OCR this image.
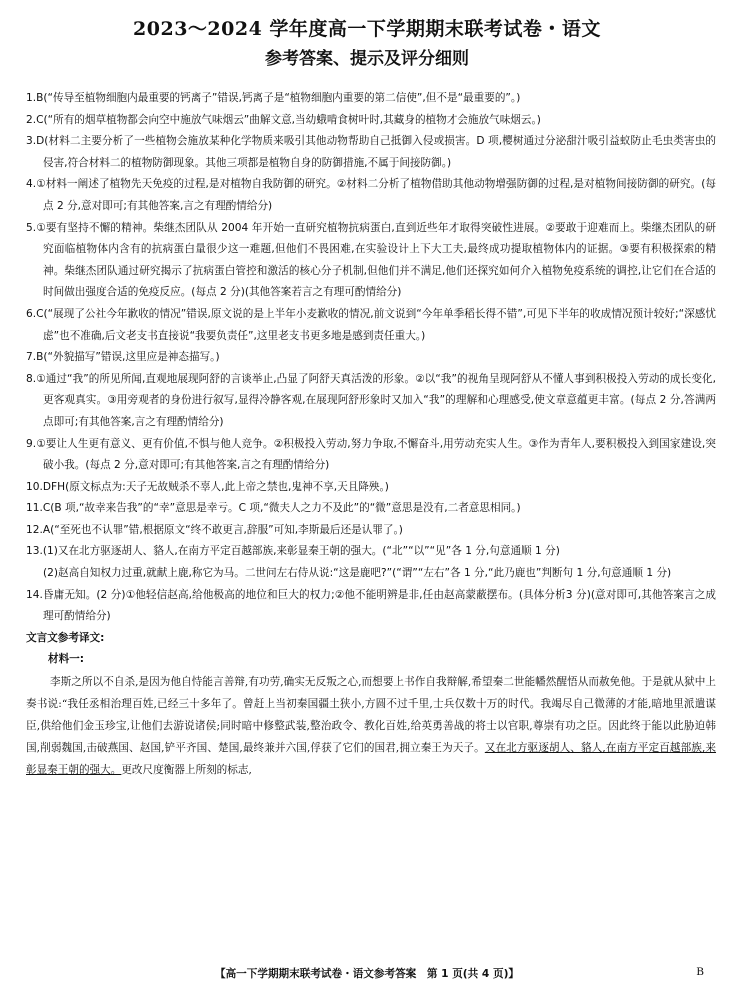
2023～2024 学年度高一下学期期末联考试卷・语文
参考答案、提示及评分细则

1.B(“传导至植物细胞内最重要的钙离子”错误,钙离子是“植物细胞内重要的第二信使”,但不是“最重要的”。)

2.C(“所有的烟草植物都会向空中施放气味烟云”曲解文意,当幼蛾啃食树叶时,其藏身的植物才会施放气味烟云。)

3.D(材料二主要分析了一些植物会施放某种化学物质来吸引其他动物帮助自己抵御入侵或损害。D 项,樱树通过分泌甜汁吸引益蚁防止毛虫类害虫的侵害,符合材料二的植物防御现象。其他三项都是植物自身的防御措施,不属于间接防御。)

4.①材料一阐述了植物先天免疫的过程,是对植物自我防御的研究。②材料二分析了植物借助其他动物增强防御的过程,是对植物间接防御的研究。(每点 2 分,意对即可;有其他答案,言之有理酌情给分)

5.①要有坚持不懈的精神。柴继杰团队从 2004 年开始一直研究植物抗病蛋白,直到近些年才取得突破性进展。②要敢于迎难而上。柴继杰团队的研究面临植物体内含有的抗病蛋白量很少这一难题,但他们不畏困难,在实验设计上下大工夫,最终成功提取植物体内的证据。③要有积极探索的精神。柴继杰团队通过研究揭示了抗病蛋白管控和激活的核心分子机制,但他们并不满足,他们还探究如何介入植物免疫系统的调控,让它们在合适的时间做出强度合适的免疫反应。(每点 2 分)(其他答案若言之有理可酌情给分)

6.C(“展现了公社今年歉收的情况”错误,原文说的是上半年小麦歉收的情况,前文说到“今年单季稻长得不错”,可见下半年的收成情况预计较好;“深感忧虑”也不准确,后文老支书直接说“我要负责任”,这里老支书更多地是感到责任重大。)

7.B(“外貌描写”错误,这里应是神态描写。)

8.①通过“我”的所见所闻,直观地展现阿舒的言谈举止,凸显了阿舒天真活泼的形象。②以“我”的视角呈现阿舒从不懂人事到积极投入劳动的成长变化,更客观真实。③用旁观者的身份进行叙写,显得冷静客观,在展现阿舒形象时又加入“我”的理解和心理感受,使文章意蕴更丰富。(每点 2 分,答满两点即可;有其他答案,言之有理酌情给分)

9.①要让人生更有意义、更有价值,不惧与他人竞争。②积极投入劳动,努力争取,不懈奋斗,用劳动充实人生。③作为青年人,要积极投入到国家建设,突破小我。(每点 2 分,意对即可;有其他答案,言之有理酌情给分)

10.DFH(原文标点为:天子无故贼杀不辜人,此上帝之禁也,鬼神不享,天且降殃。)

11.C(B 项,“故幸来告我”的“幸”意思是幸亏。C 项,“微夫人之力不及此”的“微”意思是没有,二者意思相同。)

12.A(“至死也不认罪”错,根据原文“终不敢更言,辞服”可知,李斯最后还是认罪了。)

13.(1)又在北方驱逐胡人、貉人,在南方平定百越部族,来彰显秦王朝的强大。(“北”“以”“见”各 1 分,句意通顺 1 分)

(2)赵高自知权力过重,就献上鹿,称它为马。二世问左右侍从说:“这是鹿吧?”(“谓”“左右”各 1 分,“此乃鹿也”判断句 1 分,句意通顺 1 分)

14.昏庸无知。(2 分)①他轻信赵高,给他极高的地位和巨大的权力;②他不能明辨是非,任由赵高蒙蔽摆布。(具体分析3 分)(意对即可,其他答案言之成理可酌情给分)

文言文参考译文:

材料一:

李斯之所以不自杀,是因为他自恃能言善辩,有功劳,确实无反叛之心,而想要上书作自我辩解,希望秦二世能幡然醒悟从而赦免他。于是就从狱中上奏书说:“我任丞相治理百姓,已经三十多年了。曾赶上当初秦国疆土狭小,方圆不过千里,士兵仅数十万的时代。我竭尽自己微薄的才能,暗地里派遣谋臣,供给他们金玉珍宝,让他们去游说诸侯;同时暗中修整武装,整治政令、教化百姓,给英勇善战的将士以官职,尊崇有功之臣。因此终于能以此胁迫韩国,削弱魏国,击破燕国、赵国,铲平齐国、楚国,最终兼并六国,俘获了它们的国君,拥立秦王为天子。又在北方驱逐胡人、貉人,在南方平定百越部族,来彰显秦王朝的强大。更改尺度衡器上所刻的标志,

【高一下学期期末联考试卷・语文参考答案　第 1 页(共 4 页)】	B
